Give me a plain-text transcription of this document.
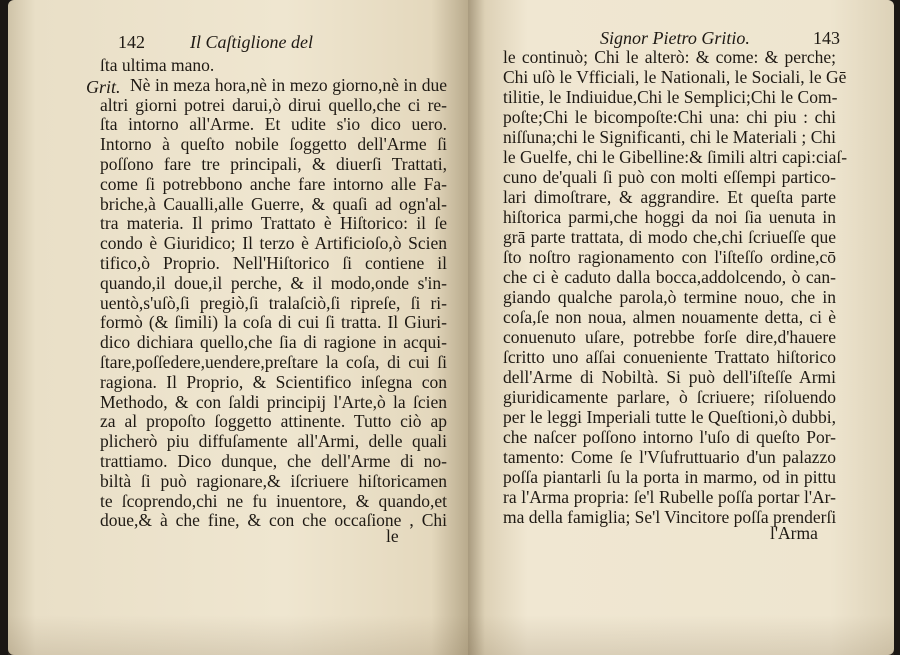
142	Il Caſtiglione del
Grit.
ſta ultima mano.
Nè in meza hora,nè in mezo giorno,nè in due
altri giorni potrei darui,ò dirui quello,che ci re-
ſta intorno all'Arme. Et udite s'io dico uero.
Intorno à queſto nobile ſoggetto dell'Arme ſi
poſſono fare tre principali, & diuerſi Trattati,
come ſi potrebbono anche fare intorno alle Fa-
briche,à Caualli,alle Guerre, & quaſi ad ogn'al-
tra materia. Il primo Trattato è Hiſtorico: il ſe
condo è Giuridico; Il terzo è Artificioſo,ò Scien
tifico,ò Proprio. Nell'Hiſtorico ſi contiene il
quando,il doue,il perche, & il modo,onde s'in-
uentò,s'uſò,ſi pregiò,ſi tralaſciò,ſi ripreſe, ſi ri-
formò (& ſimili) la coſa di cui ſi tratta. Il Giuri-
dico dichiara quello,che ſia di ragione in acqui-
ſtare,poſſedere,uendere,preſtare la coſa, di cui ſi
ragiona. Il Proprio, & Scientifico inſegna con
Methodo, & con ſaldi principij l'Arte,ò la ſcien
za al propoſto ſoggetto attinente. Tutto ciò ap
plicherò piu diffuſamente all'Armi, delle quali
trattiamo. Dico dunque, che dell'Arme di no-
biltà ſi può ragionare,& iſcriuere hiſtoricamen
te ſcoprendo,chi ne fu inuentore, & quando,et
doue,& à che fine, & con che occaſione , Chi
le
Signor Pietro Gritio.	143
le continuò; Chi le alterò: & come: & perche;
Chi uſò le Vfficiali, le Nationali, le Sociali, le Gē
tilitie, le Indiuidue,Chi le Semplici;Chi le Com-
poſte;Chi le bicompoſte:Chi una: chi piu : chi
niſſuna;chi le Significanti, chi le Materiali ; Chi
le Guelfe, chi le Gibelline:& ſimili altri capi:ciaſ-
cuno de'quali ſi può con molti eſſempi partico-
lari dimoſtrare, & aggrandire. Et queſta parte
hiſtorica parmi,che hoggi da noi ſia uenuta in
grā parte trattata, di modo che,chi ſcriueſſe que
ſto noſtro ragionamento con l'iſteſſo ordine,cō
che ci è caduto dalla bocca,addolcendo, ò can-
giando qualche parola,ò termine nouo, che in
coſa,ſe non noua, almen nouamente detta, ci è
conuenuto uſare, potrebbe forſe dire,d'hauere
ſcritto uno aſſai conueniente Trattato hiſtorico
dell'Arme di Nobiltà. Si può dell'iſteſſe Armi
giuridicamente parlare, ò ſcriuere; riſoluendo
per le leggi Imperiali tutte le Queſtioni,ò dubbi,
che naſcer poſſono intorno l'uſo di queſto Por-
tamento: Come ſe l'Vſufruttuario d'un palazzo
poſſa piantarli ſu la porta in marmo, od in pittu
ra l'Arma propria: ſe'l Rubelle poſſa portar l'Ar-
ma della famiglia; Se'l Vincitore poſſa prenderſi
l'Arma
